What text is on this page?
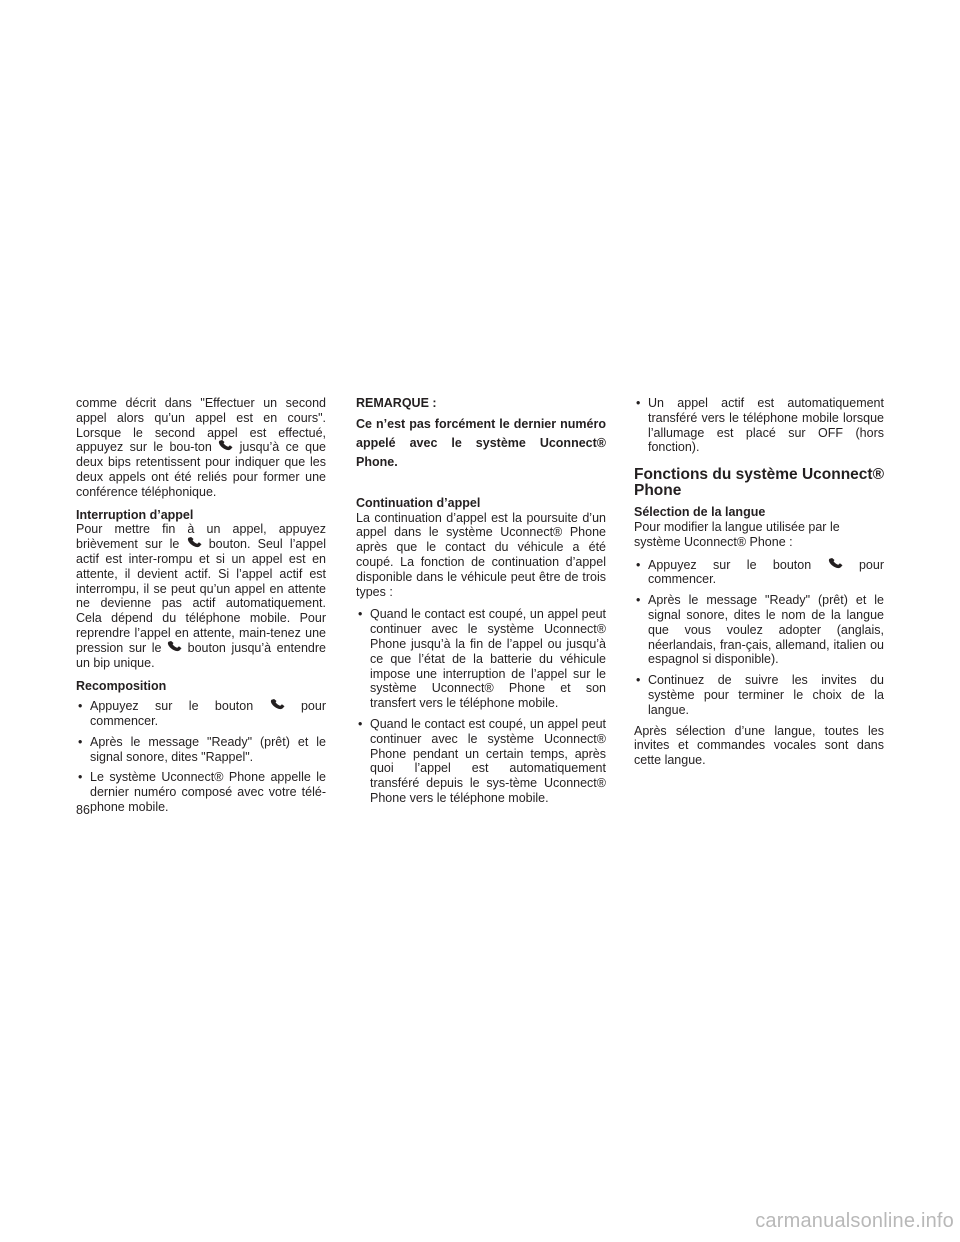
comme décrit dans "Effectuer un second appel alors qu’un appel est en cours". Lorsque le second appel est effectué, appuyez sur le bou-ton jusqu’à ce que deux bips retentissent pour indiquer que les deux appels ont été reliés pour former une conférence téléphonique.

Interruption d’appel

Pour mettre fin à un appel, appuyez brièvement sur le bouton. Seul l’appel actif est inter-rompu et si un appel est en attente, il devient actif. Si l’appel actif est interrompu, il se peut qu’un appel en attente ne devienne pas actif automatiquement. Cela dépend du téléphone mobile. Pour reprendre l’appel en attente, main-tenez une pression sur le bouton jusqu’à entendre un bip unique.

Recomposition
• Appuyez sur le bouton	pour commencer.
• Après le message "Ready" (prêt) et le signal sonore, dites "Rappel".
• Le système Uconnect® Phone appelle le dernier numéro composé avec votre télé-phone mobile.
REMARQUE :

Ce n’est pas forcément le dernier numéro appelé avec le système Uconnect® Phone.

Continuation d’appel

La continuation d’appel est la poursuite d’un appel dans le système Uconnect® Phone après que le contact du véhicule a été coupé. La fonction de continuation d’appel disponible dans le véhicule peut être de trois types :

• Quand le contact est coupé, un appel peut continuer avec le système Uconnect® Phone jusqu’à la fin de l’appel ou jusqu’à ce que l’état de la batterie du véhicule impose une interruption de l’appel sur le système Uconnect® Phone et son transfert vers le téléphone mobile.
• Quand le contact est coupé, un appel peut continuer avec le système Uconnect® Phone pendant un certain temps, après quoi l’appel est automatiquement transféré depuis le sys-tème Uconnect® Phone vers le téléphone mobile.
• Un appel actif est automatiquement transféré vers le téléphone mobile lorsque l’allumage est placé sur OFF (hors fonction).
Fonctions du système Uconnect® Phone
Sélection de la langue

Pour modifier la langue utilisée par le système Uconnect® Phone :

• Appuyez sur le bouton	pour commencer.
• Après le message "Ready" (prêt) et le signal sonore, dites le nom de la langue que vous voulez adopter (anglais, néerlandais, fran-çais, allemand, italien ou espagnol si disponible).
• Continuez de suivre les invites du système pour terminer le choix de la langue.

Après sélection d’une langue, toutes les invites et commandes vocales sont dans cette langue.

86
carmanualsonline.info
